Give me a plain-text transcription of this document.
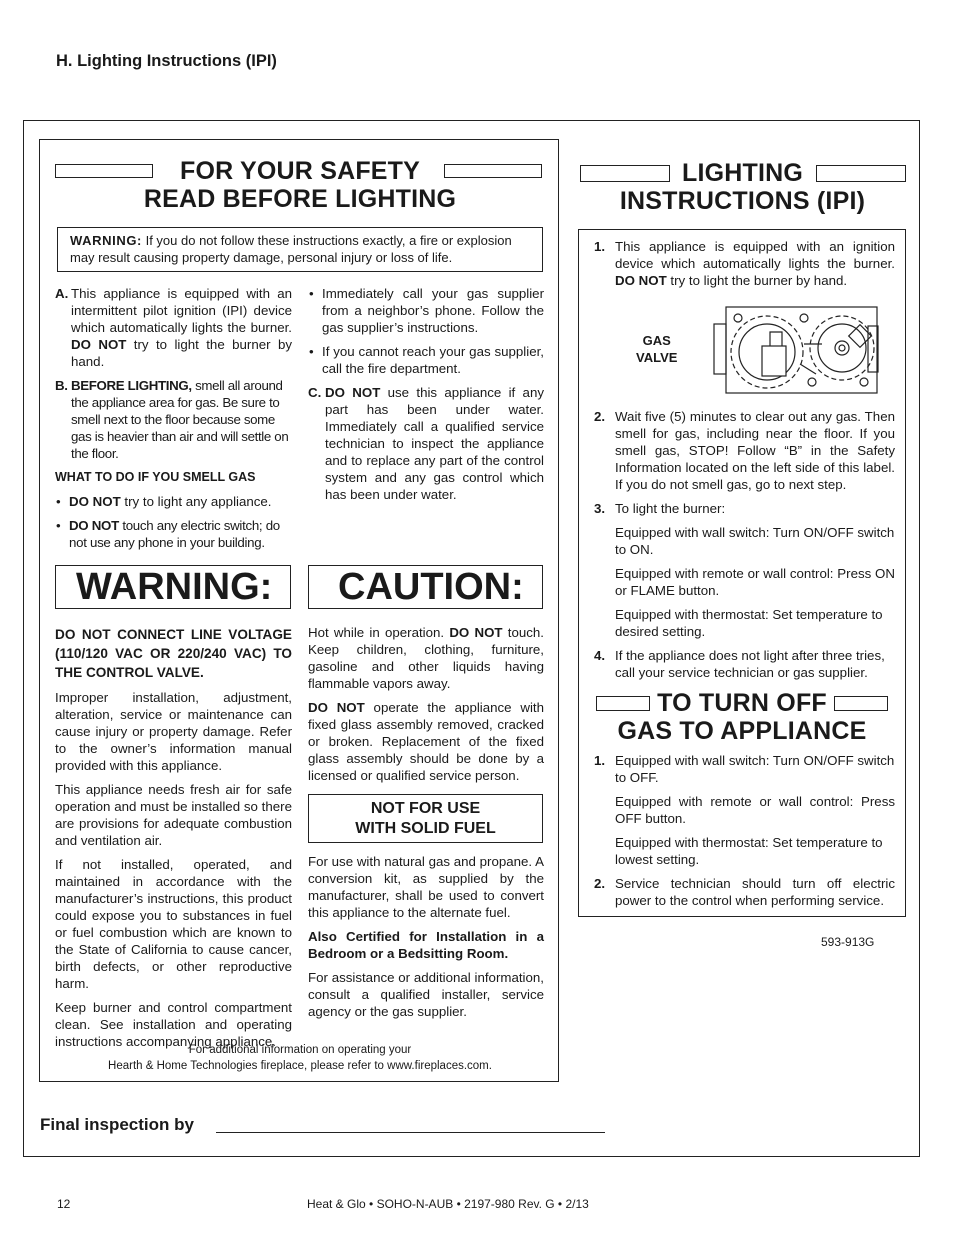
H. Lighting Instructions (IPI)
FOR YOUR SAFETY
READ BEFORE LIGHTING
WARNING: If you do not follow these instructions exactly, a fire or explosion may result causing property damage, personal injury or loss of life.
A. This appliance is equipped with an intermittent pilot ignition (IPI) device which automatically lights the burner. DO NOT try to light the burner by hand.
B. BEFORE LIGHTING, smell all around the appliance area for gas. Be sure to smell next to the floor because some gas is heavier than air and will settle on the floor.
WHAT TO DO IF YOU SMELL GAS
• DO NOT try to light any appliance.
• DO NOT touch any electric switch; do not use any phone in your building.
• Immediately call your gas supplier from a neighbor’s phone. Follow the gas supplier’s instructions.
• If you cannot reach your gas supplier, call the fire department.
C. DO NOT use this appliance if any part has been under water. Immediately call a qualified service technician to inspect the appliance and to replace any part of the control system and any gas control which has been under water.
WARNING:	CAUTION:

DO NOT CONNECT LINE VOLTAGE (110/120 VAC OR 220/240 VAC) TO THE CONTROL VALVE.

Improper installation, adjustment, alteration, service or maintenance can cause injury or property damage. Refer to the owner’s information manual provided with this appliance.

This appliance needs fresh air for safe operation and must be installed so there are provisions for adequate combustion and ventilation air.

If not installed, operated, and maintained in accordance with the manufacturer’s instructions, this product could expose you to substances in fuel or fuel combustion which are known to the State of California to cause cancer, birth defects, or other reproductive harm.

Keep burner and control compartment clean. See installation and operating instructions accompanying appliance.

Hot while in operation. DO NOT touch. Keep children, clothing, furniture, gasoline and other liquids having flammable vapors away.

DO NOT operate the appliance with fixed glass assembly removed, cracked or broken. Replacement of the fixed glass assembly should be done by a licensed or qualified service person.

NOT FOR USE
WITH SOLID FUEL

For use with natural gas and propane. A conversion kit, as supplied by the manufacturer, shall be used to convert this appliance to the alternate fuel.

Also Certified for Installation in a Bedroom or a Bedsitting Room.

For assistance or additional information, consult a qualified installer, service agency or the gas supplier.

For additional information on operating your
Hearth & Home Technologies fireplace, please refer to www.fireplaces.com.
LIGHTING
INSTRUCTIONS (IPI)
1. This appliance is equipped with an ignition device which automatically lights the burner. DO NOT try to light the burner by hand.
GAS
VALVE
2. Wait five (5) minutes to clear out any gas. Then smell for gas, including near the floor. If you smell gas, STOP! Follow “B” in the Safety Information located on the left side of this label. If you do not smell gas, go to next step.
3. To light the burner:

Equipped with wall switch: Turn ON/OFF switch to ON.

Equipped with remote or wall control: Press ON or FLAME button.

Equipped with thermostat: Set temperature to desired setting.

4. If the appliance does not light after three tries, call your service technician or gas supplier.
TO TURN OFF
GAS TO APPLIANCE
1. Equipped with wall switch: Turn ON/OFF switch to OFF.

Equipped with remote or wall control: Press OFF button.

Equipped with thermostat: Set temperature to lowest setting.

2. Service technician should turn off electric power to the control when performing service.
593-913G
Final inspection by
12	Heat & Glo • SOHO-N-AUB • 2197-980 Rev. G • 2/13
